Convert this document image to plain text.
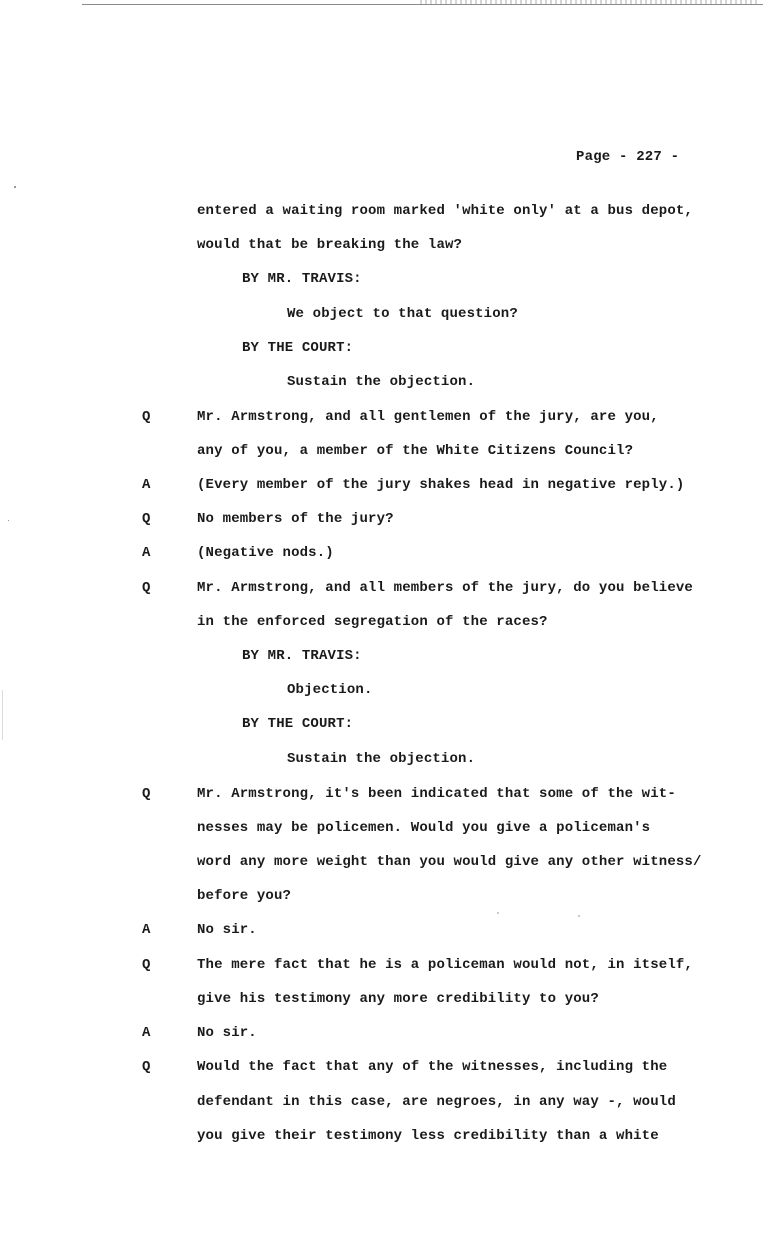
Page - 227 -
entered a waiting room marked 'white only' at a bus depot,
would that be breaking the law?
BY MR. TRAVIS:
We object to that question?
BY THE COURT:
Sustain the objection.
Q	Mr. Armstrong, and all gentlemen of the jury, are you,
any of you, a member of the White Citizens Council?
A	(Every member of the jury shakes head in negative reply.)
Q	No members of the jury?
A	(Negative nods.)
Q	Mr. Armstrong, and all members of the jury, do you believe
in the enforced segregation of the races?
BY MR. TRAVIS:
Objection.
BY THE COURT:
Sustain the objection.
Q	Mr. Armstrong, it's been indicated that some of the wit-
nesses may be policemen. Would you give a policeman's
word any more weight than you would give any other witness/
before you?
A	No sir.
Q	The mere fact that he is a policeman would not, in itself,
give his testimony any more credibility to you?
A	No sir.
Q	Would the fact that any of the witnesses, including the
defendant in this case, are negroes, in any way -, would
you give their testimony less credibility than a white
